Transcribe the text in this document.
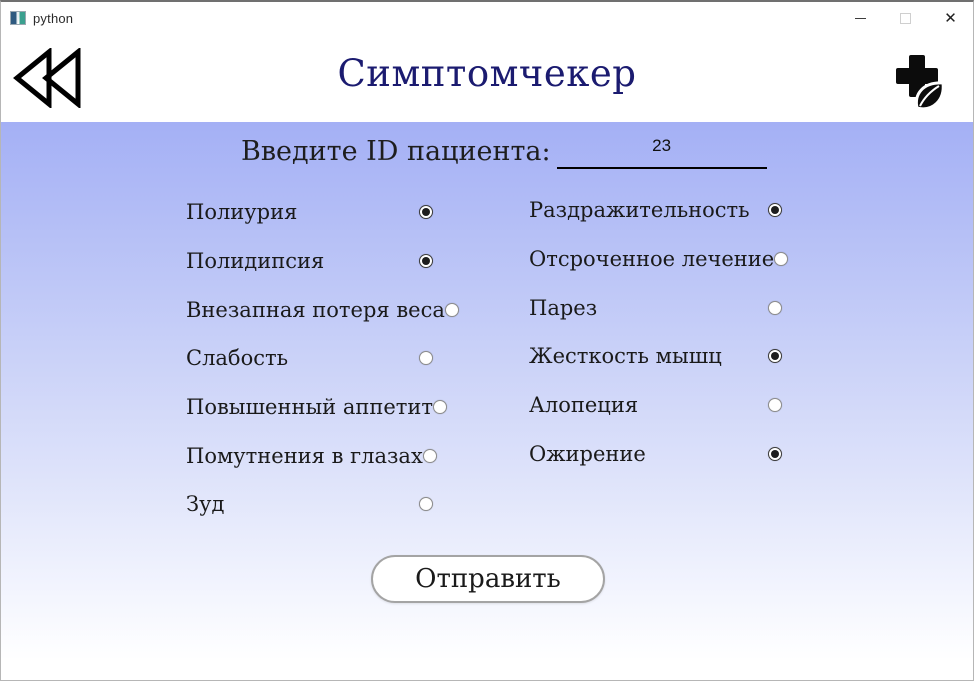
python	✕
Симптомчекер
Введите ID пациента:
23
Полиурия
Полидипсия
Внезапная потеря веса
Слабость
Повышенный аппетит
Помутнения в глазах
Зуд
Раздражительность
Отсроченное лечение
Парез
Жесткость мышц
Алопеция
Ожирение
Отправить
